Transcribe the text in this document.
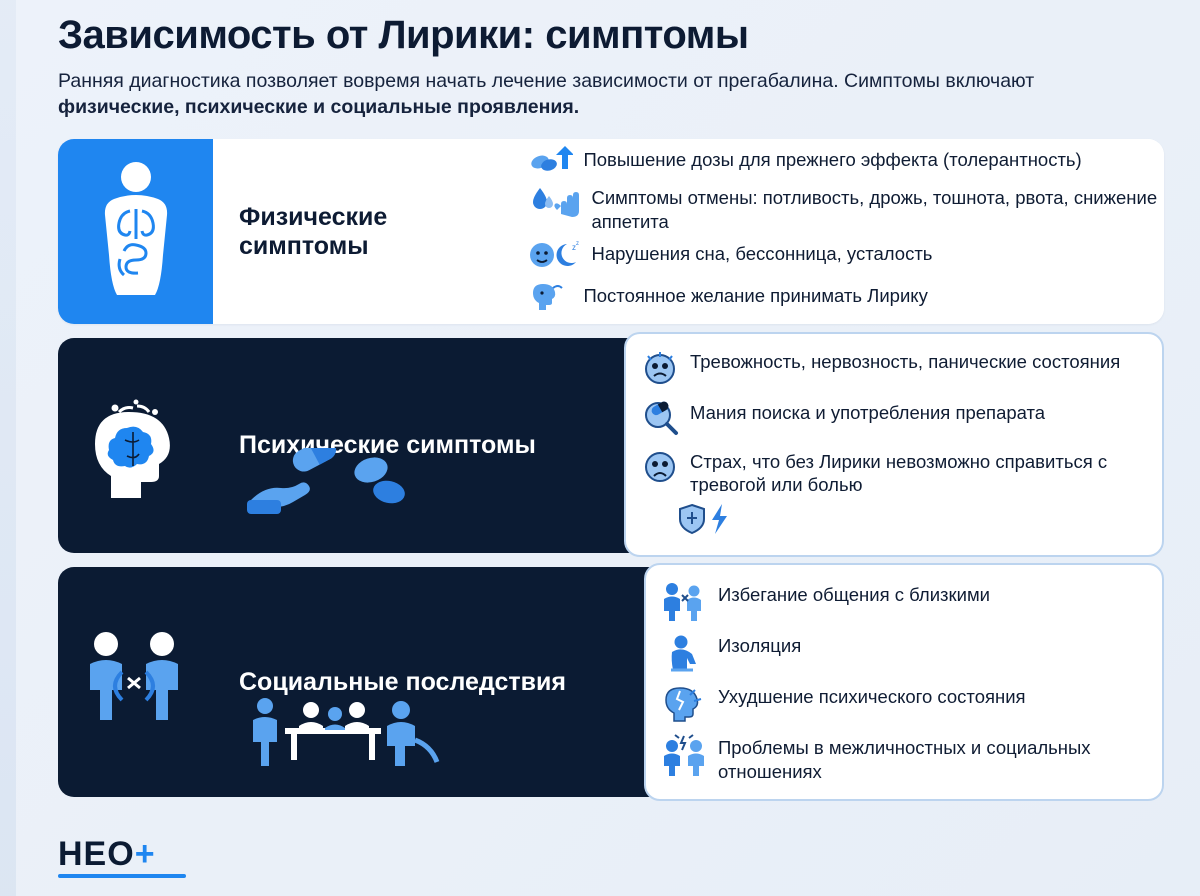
Зависимость от Лирики: симптомы

Ранняя диагностика позволяет вовремя начать лечение зависимости от прегабалина. Симптомы включают физические, психические и социальные проявления.

Физические симптомы
Повышение дозы для прежнего эффекта (толерантность)
Симптомы отмены: потливость, дрожь, тошнота, рвота, снижение аппетита
z z Нарушения сна, бессонница, усталость
Постоянное желание принимать Лирику
Психические симптомы
Тревожность, нервозность, панические состояния
Мания поиска и употребления препарата
Страх, что без Лирики невозможно справиться с тревогой или болью
Социальные последствия
Избегание общения с близкими
Изоляция
Ухудшение психического состояния
Проблемы в межличностных и социальных отношениях
НЕО+
